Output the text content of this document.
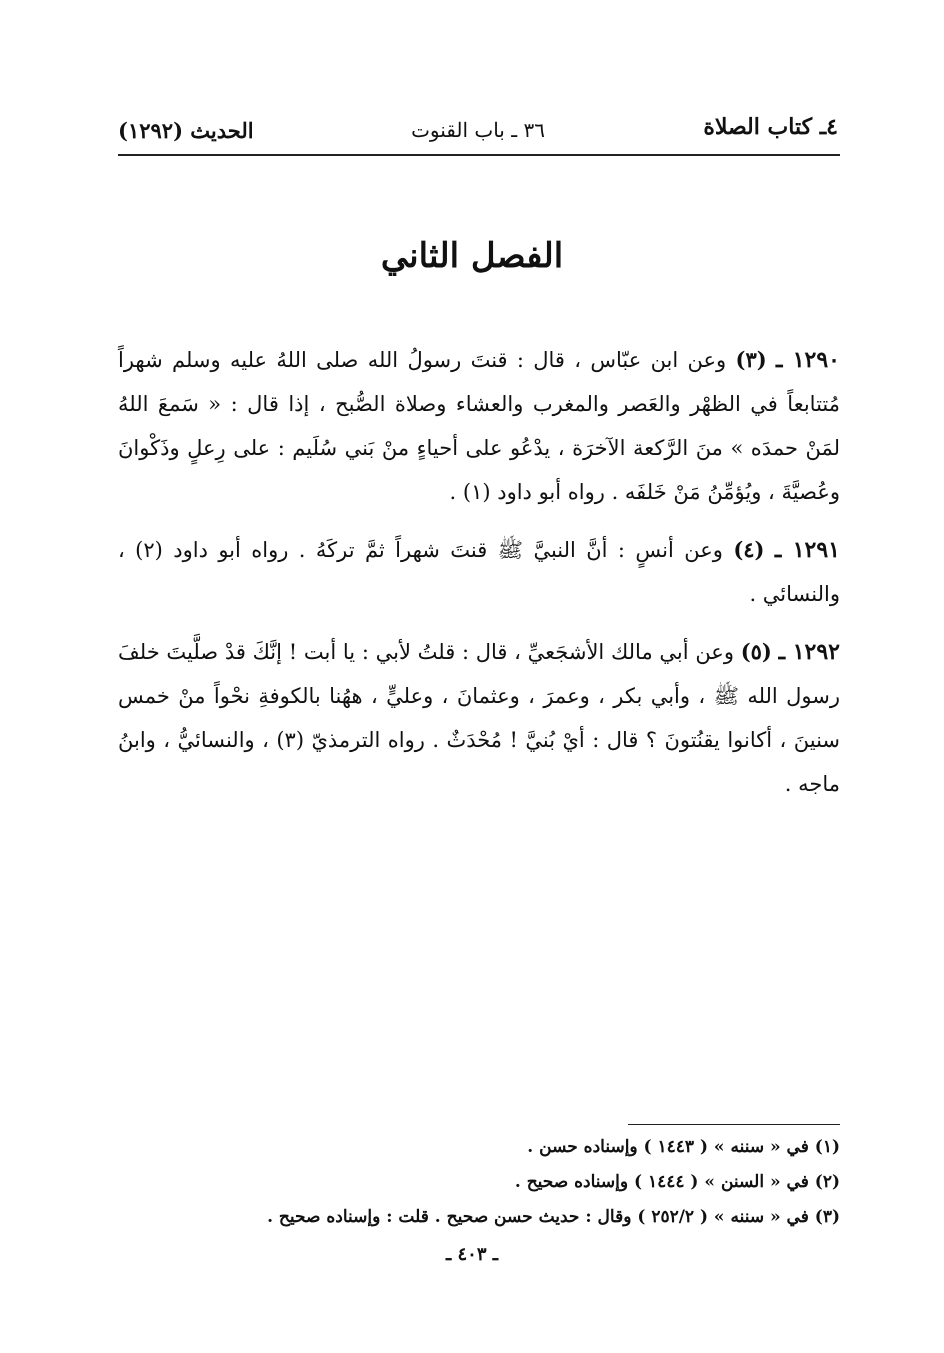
٤ـ كتاب الصلاة
٣٦ ـ باب القنوت
الحديث (١٢٩٢)
الفصل الثاني

١٢٩٠ ـ (٣) وعن ابن عبّاس ، قال : قنتَ رسولُ الله صلى اللهُ عليه وسلم شهراً مُتتابعاً في الظهْر والعَصر والمغرب والعشاء وصلاة الصُّبح ، إذا قال : « سَمعَ اللهُ لمَنْ حمدَه » منَ الرَّكعة الآخرَة ، يدْعُو على أحياءٍ منْ بَني سُلَيم : على رِعلٍ وذَكْوانَ وعُصيَّةَ ، ويُؤمِّنُ مَنْ خَلفَه . رواه أبو داود (١) .

١٢٩١ ـ (٤) وعن أنسٍ : أنَّ النبيَّ ﷺ قنتَ شهراً ثمَّ تركَهُ . رواه أبو داود (٢) ، والنسائي .

١٢٩٢ ـ (٥) وعن أبي مالك الأشجَعيِّ ، قال : قلتُ لأبي : يا أبت ! إنَّكَ قدْ صلَّيتَ خلفَ رسول الله ﷺ ، وأبي بكر ، وعمرَ ، وعثمانَ ، وعليٍّ ، ههُنا بالكوفةِ نحْواً منْ خمس سنينَ ، أكانوا يقنُتونَ ؟ قال : أيْ بُنيَّ ! مُحْدَثٌ . رواه الترمذيّ (٣) ، والنسائيُّ ، وابنُ ماجه .

(١) في « سننه » ( ١٤٤٣ ) وإسناده حسن .
(٢) في « السنن » ( ١٤٤٤ ) وإسناده صحيح .
(٣) في « سننه » ( ٢٥٢/٢ ) وقال : حديث حسن صحيح . قلت : وإسناده صحيح .
ـ ٤٠٣ ـ
